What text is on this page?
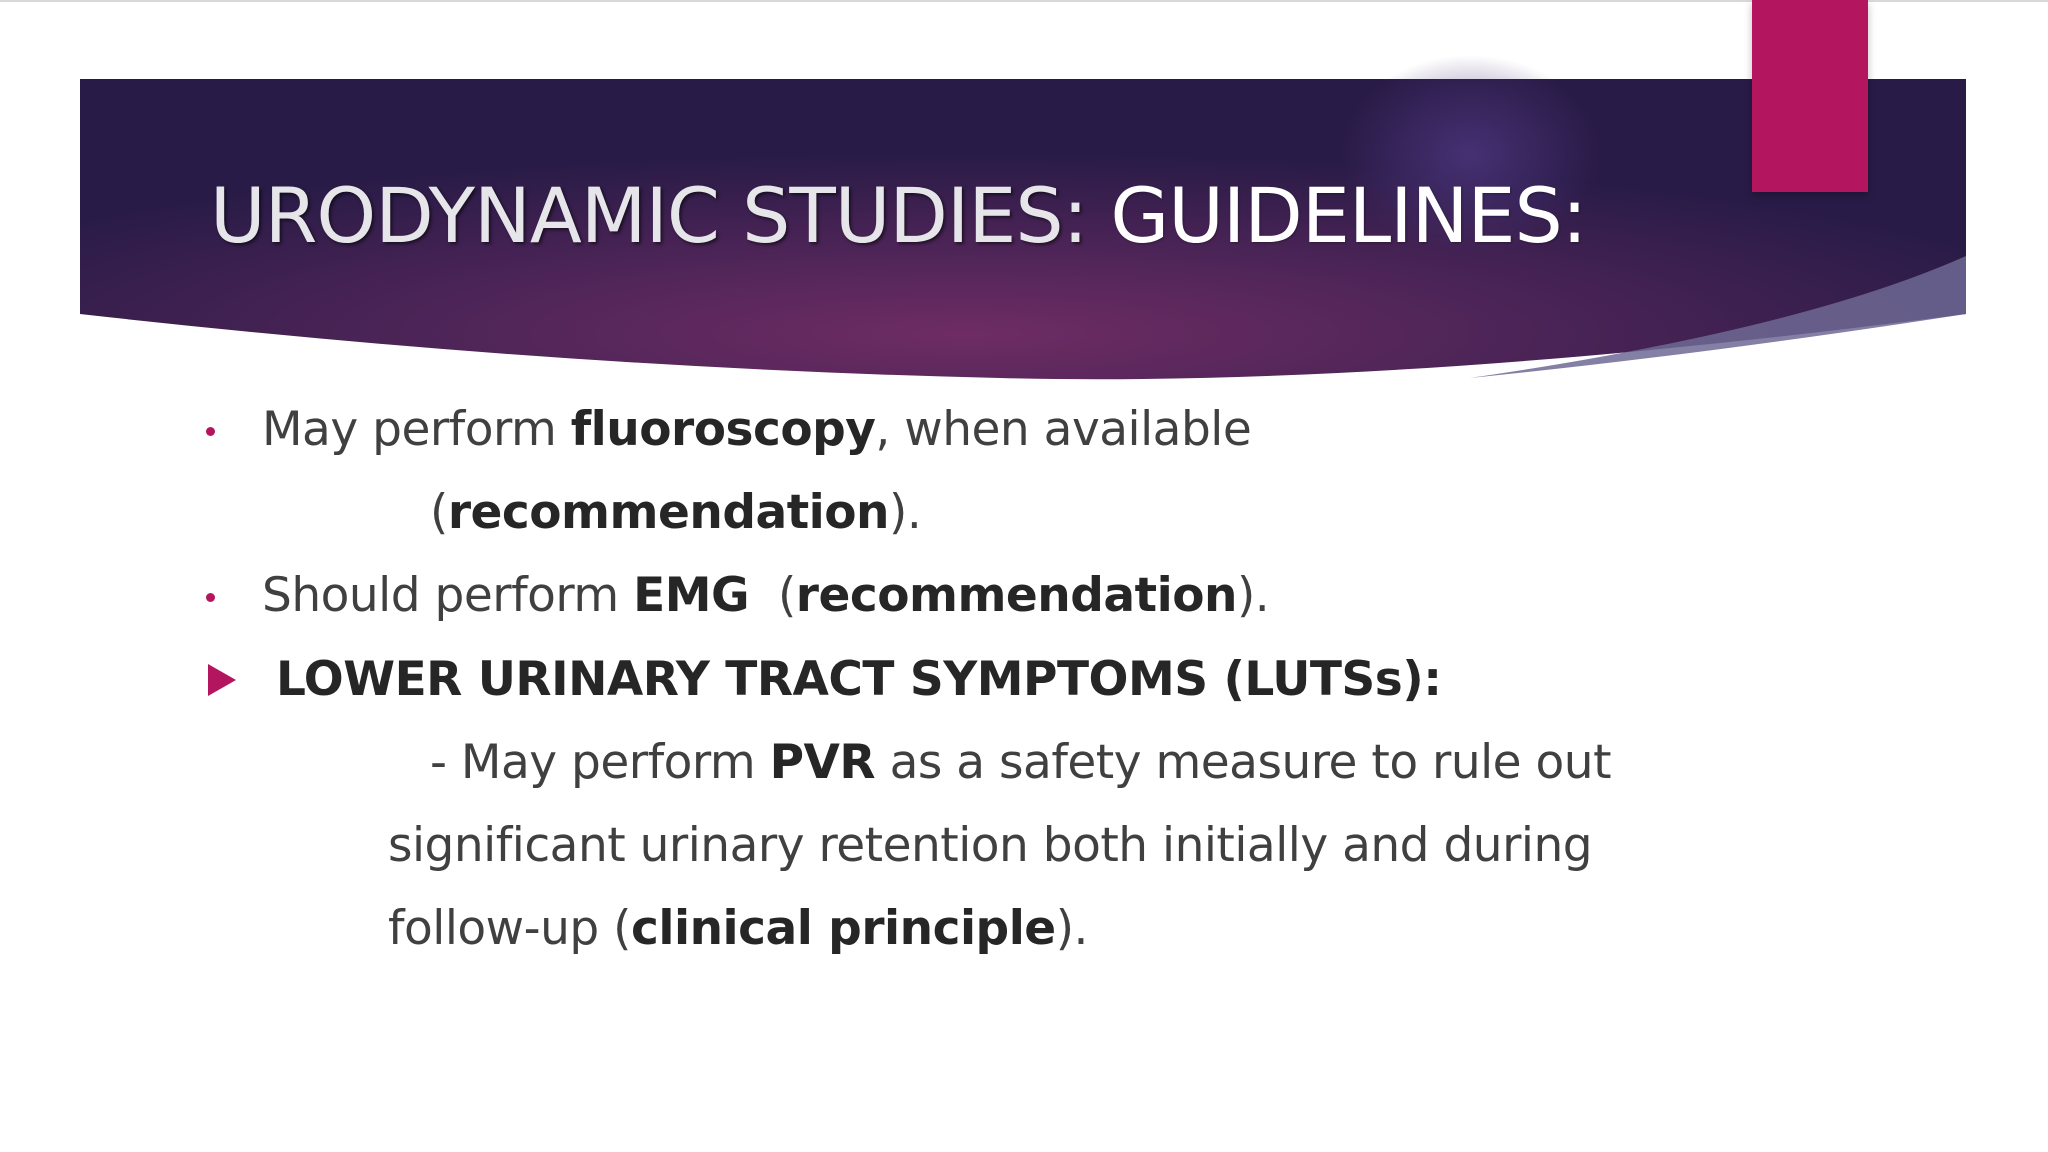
URODYNAMIC STUDIES: GUIDELINES:
May perform fluoroscopy, when available
(recommendation).
Should perform EMG  (recommendation).
LOWER URINARY TRACT SYMPTOMS (LUTSs):
- May perform PVR as a safety measure to rule out
significant urinary retention both initially and during
follow-up (clinical principle).
